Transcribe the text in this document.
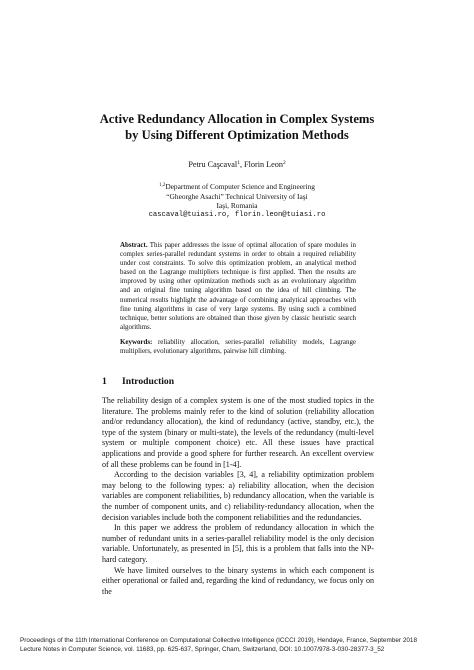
Active Redundancy Allocation in Complex Systems
by Using Different Optimization Methods
Petru Caşcaval$^1$, Florin Leon$^2$
$^{1,2}$Department of Computer Science and Engineering
“Gheorghe Asachi” Technical University of Iaşi
Iaşi, Romania
cascaval@tuiasi.ro, florin.leon@tuiasi.ro
Abstract. This paper addresses the issue of optimal allocation of spare modules in complex series-parallel redundant systems in order to obtain a required reliability under cost constraints. To solve this optimization problem, an analytical method based on the Lagrange multipliers technique is first applied. Then the results are improved by using other optimization methods such as an evolutionary algorithm and an original fine tuning algorithm based on the idea of hill climbing. The numerical results highlight the advantage of combining analytical approaches with fine tuning algorithms in case of very large systems. By using such a combined technique, better solutions are obtained than those given by classic heuristic search algorithms.
Keywords: reliability allocation, series-parallel reliability models, Lagrange multipliers, evolutionary algorithms, pairwise hill climbing.
1 Introduction

The reliability design of a complex system is one of the most studied topics in the literature. The problems mainly refer to the kind of solution (reliability allocation and/or redundancy allocation), the kind of redundancy (active, standby, etc.), the type of the system (binary or multi-state), the levels of the redundancy (multi-level system or multiple component choice) etc. All these issues have practical applications and provide a good sphere for further research. An excellent overview of all these problems can be found in [1-4].

According to the decision variables [3, 4], a reliability optimization problem may belong to the following types: a) reliability allocation, when the decision variables are component reliabilities, b) redundancy allocation, when the variable is the number of component units, and c) reliability-redundancy allocation, when the decision variables include both the component reliabilities and the redundancies.

In this paper we address the problem of redundancy allocation in which the number of redundant units in a series-parallel reliability model is the only decision variable. Unfortunately, as presented in [5], this is a problem that falls into the NP-hard category.

We have limited ourselves to the binary systems in which each component is either operational or failed and, regarding the kind of redundancy, we focus only on the

Proceedings of the 11th International Conference on Computational Collective Intelligence (ICCCI 2019), Hendaye, France, September 2018
Lecture Notes in Computer Science, vol. 11683, pp. 625-637, Springer, Cham, Switzerland, DOI: 10.1007/978-3-030-28377-3_52
